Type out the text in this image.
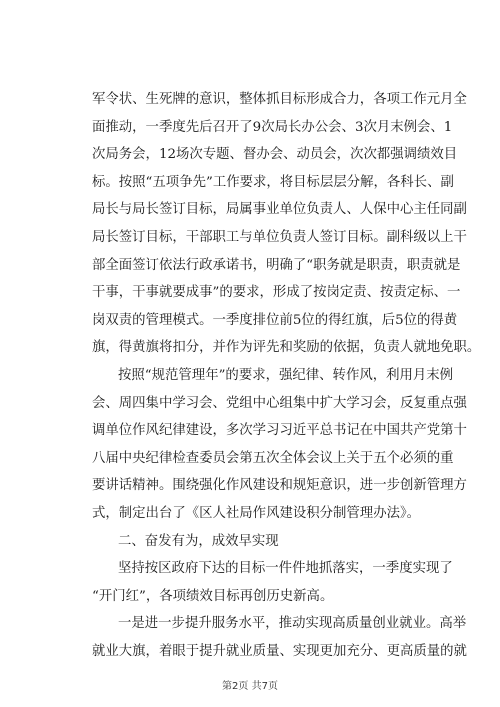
军令状、生死牌的意识，整体抓目标形成合力，各项工作元月全
面推动，一季度先后召开了9次局长办公会、3次月末例会、1
次局务会，12场次专题、督办会、动员会，次次都强调绩效目
标。按照“五项争先”工作要求，将目标层层分解，各科长、副
局长与局长签订目标，局属事业单位负责人、人保中心主任同副
局长签订目标，干部职工与单位负责人签订目标。副科级以上干
部全面签订依法行政承诺书，明确了“职务就是职责，职责就是
干事，干事就要成事”的要求，形成了按岗定责、按责定标、一
岗双责的管理模式。一季度排位前5位的得红旗，后5位的得黄
旗，得黄旗将扣分，并作为评先和奖励的依据，负责人就地免职。
按照“规范管理年”的要求，强纪律、转作风，利用月末例
会、周四集中学习会、党组中心组集中扩大学习会，反复重点强
调单位作风纪律建设，多次学习习近平总书记在中国共产党第十
八届中央纪律检查委员会第五次全体会议上关于五个必须的重
要讲话精神。围绕强化作风建设和规矩意识，进一步创新管理方
式，制定出台了《区人社局作风建设积分制管理办法》。
二、奋发有为，成效早实现
坚持按区政府下达的目标一件件地抓落实，一季度实现了
“开门红”，各项绩效目标再创历史新高。
一是进一步提升服务水平，推动实现高质量创业就业。高举
就业大旗，着眼于提升就业质量、实现更加充分、更高质量的就
第2页 共7页
